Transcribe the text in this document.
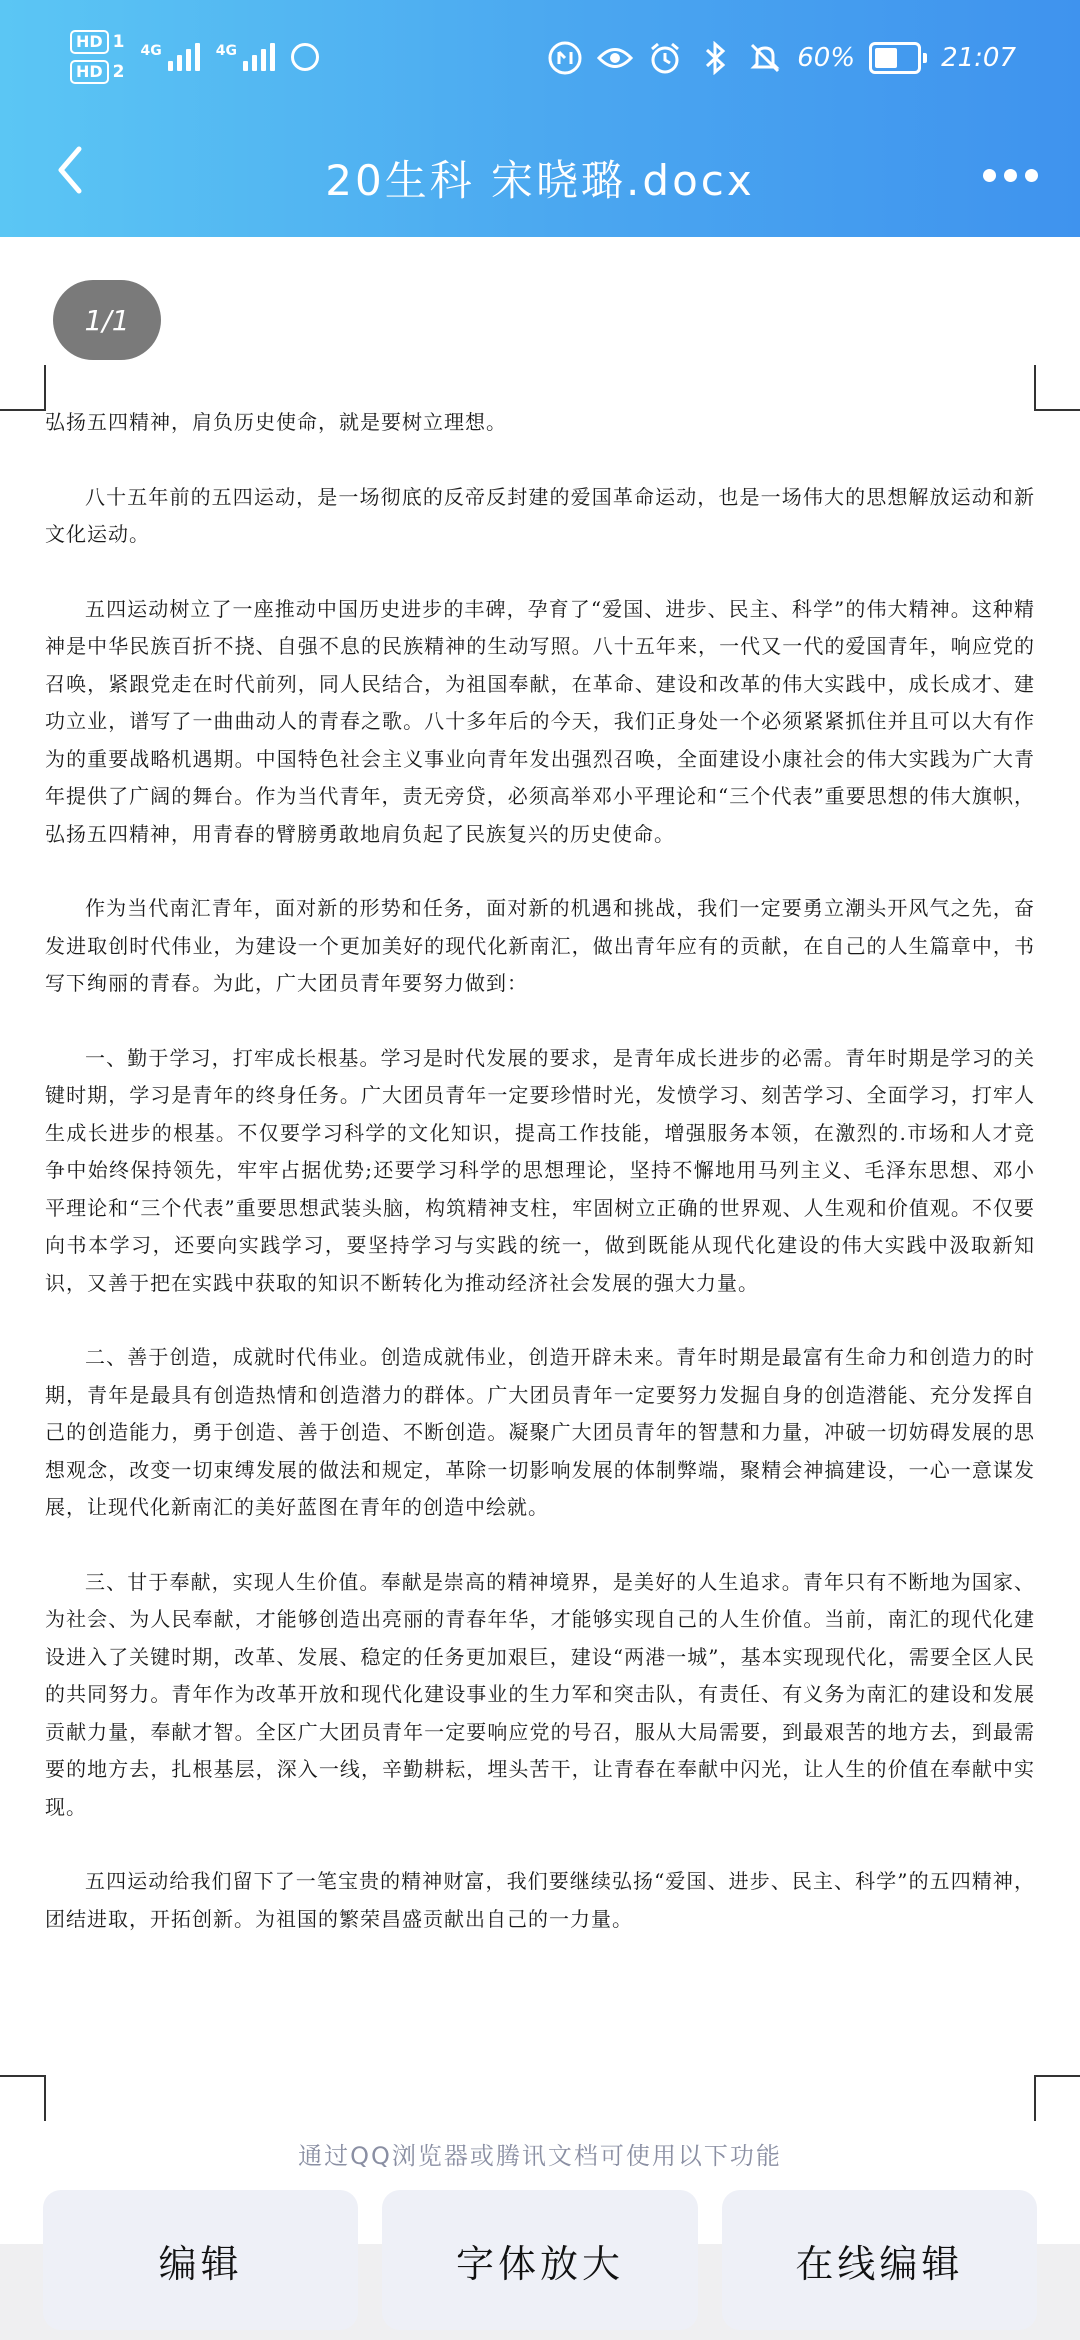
HD 1
HD 2
4G	4G	60%	21:07
20生科 宋晓璐.docx
1/1

弘扬五四精神，肩负历史使命，就是要树立理想。

八十五年前的五四运动，是一场彻底的反帝反封建的爱国革命运动，也是一场伟大的思想解放运动和新文化运动。

五四运动树立了一座推动中国历史进步的丰碑，孕育了“爱国、进步、民主、科学”的伟大精神。这种精神是中华民族百折不挠、自强不息的民族精神的生动写照。八十五年来，一代又一代的爱国青年，响应党的召唤，紧跟党走在时代前列，同人民结合，为祖国奉献，在革命、建设和改革的伟大实践中，成长成才、建功立业，谱写了一曲曲动人的青春之歌。八十多年后的今天，我们正身处一个必须紧紧抓住并且可以大有作为的重要战略机遇期。中国特色社会主义事业向青年发出强烈召唤，全面建设小康社会的伟大实践为广大青年提供了广阔的舞台。作为当代青年，责无旁贷，必须高举邓小平理论和“三个代表”重要思想的伟大旗帜，弘扬五四精神，用青春的臂膀勇敢地肩负起了民族复兴的历史使命。

作为当代南汇青年，面对新的形势和任务，面对新的机遇和挑战，我们一定要勇立潮头开风气之先，奋发进取创时代伟业，为建设一个更加美好的现代化新南汇，做出青年应有的贡献，在自己的人生篇章中，书写下绚丽的青春。为此，广大团员青年要努力做到：

一、勤于学习，打牢成长根基。学习是时代发展的要求，是青年成长进步的必需。青年时期是学习的关键时期，学习是青年的终身任务。广大团员青年一定要珍惜时光，发愤学习、刻苦学习、全面学习，打牢人生成长进步的根基。不仅要学习科学的文化知识，提高工作技能，增强服务本领，在激烈的.市场和人才竞争中始终保持领先，牢牢占据优势;还要学习科学的思想理论，坚持不懈地用马列主义、毛泽东思想、邓小平理论和“三个代表”重要思想武装头脑，构筑精神支柱，牢固树立正确的世界观、人生观和价值观。不仅要向书本学习，还要向实践学习，要坚持学习与实践的统一，做到既能从现代化建设的伟大实践中汲取新知识，又善于把在实践中获取的知识不断转化为推动经济社会发展的强大力量。

二、善于创造，成就时代伟业。创造成就伟业，创造开辟未来。青年时期是最富有生命力和创造力的时期，青年是最具有创造热情和创造潜力的群体。广大团员青年一定要努力发掘自身的创造潜能、充分发挥自己的创造能力，勇于创造、善于创造、不断创造。凝聚广大团员青年的智慧和力量，冲破一切妨碍发展的思想观念，改变一切束缚发展的做法和规定，革除一切影响发展的体制弊端，聚精会神搞建设，一心一意谋发展，让现代化新南汇的美好蓝图在青年的创造中绘就。

三、甘于奉献，实现人生价值。奉献是崇高的精神境界，是美好的人生追求。青年只有不断地为国家、为社会、为人民奉献，才能够创造出亮丽的青春年华，才能够实现自己的人生价值。当前，南汇的现代化建设进入了关键时期，改革、发展、稳定的任务更加艰巨，建设“两港一城”，基本实现现代化，需要全区人民的共同努力。青年作为改革开放和现代化建设事业的生力军和突击队，有责任、有义务为南汇的建设和发展贡献力量，奉献才智。全区广大团员青年一定要响应党的号召，服从大局需要，到最艰苦的地方去，到最需要的地方去，扎根基层，深入一线，辛勤耕耘，埋头苦干，让青春在奉献中闪光，让人生的价值在奉献中实现。

五四运动给我们留下了一笔宝贵的精神财富，我们要继续弘扬“爱国、进步、民主、科学”的五四精神，团结进取，开拓创新。为祖国的繁荣昌盛贡献出自己的一力量。

通过QQ浏览器或腾讯文档可使用以下功能
编辑	字体放大	在线编辑
